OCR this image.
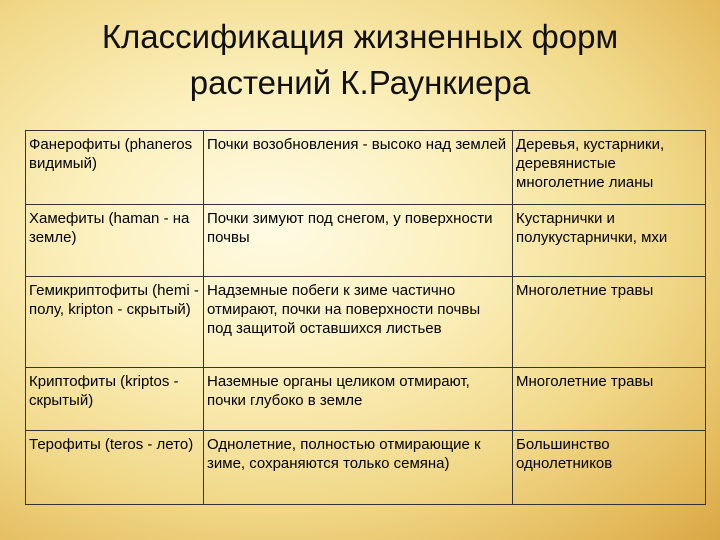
Классификация жизненных форм
растений К.Раункиера
Фанерофиты (phaneros видимый)	Почки возобновления - высоко над землей	Деревья, кустарники, деревянистые многолетние лианы
Хамефиты (haman - на земле)	Почки зимуют под снегом, у поверхности почвы	Кустарнички и полукустарнички, мхи
Гемикриптофиты (hemi - полу, kripton - скрытый)	Надземные побеги к зиме частично отмирают, почки на поверхности почвы под защитой оставшихся листьев	Многолетние травы
Криптофиты (kriptos - скрытый)	Наземные органы целиком отмирают, почки глубоко в земле	Многолетние травы
Терофиты (teros - лето)	Однолетние, полностью отмирающие к зиме, сохраняются только семяна)	Большинство однолетников
